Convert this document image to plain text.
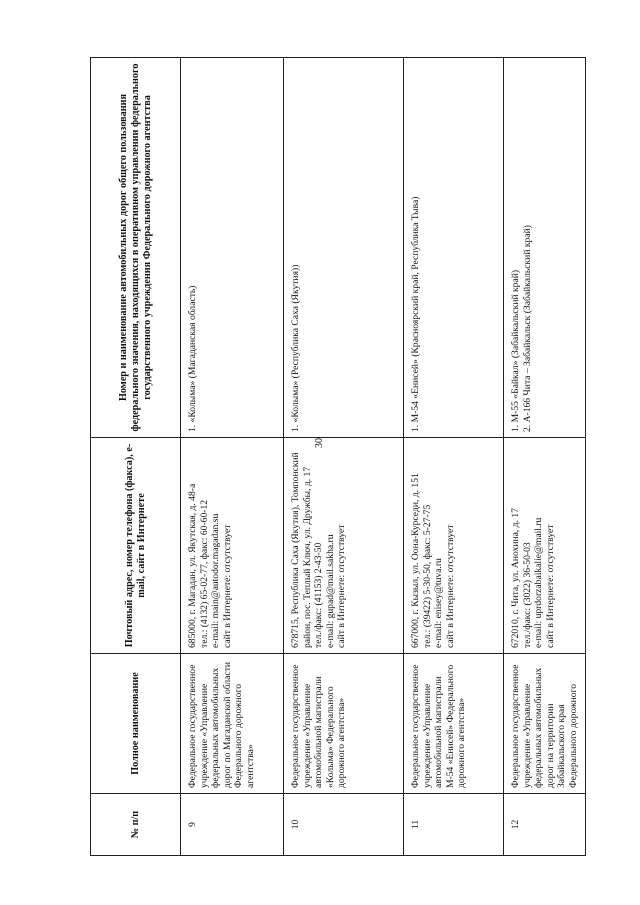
30
№ п/п	Полное наименование	Почтовый адрес, номер телефона (факса), e-mail, сайт в Интернете	Номер и наименование автомобильных дорог общего пользования федерального значения, находящихся в оперативном управлении федерального государственного учреждения Федерального дорожного агентства
9	Федеральное государственное учреждение «Управление федеральных автомобильных дорог по Магаданской области Федерального дорожного агентства»	685000, г. Магадан, ул. Якутская, д. 48-а тел.: (4132) 65-02-77, факс: 60-60-12 e-mail: main@autodor.magadan.su сайт в Интернете: отсутствует	1. «Колыма» (Магаданская область)

10	Федеральное государственное учреждение «Управление автомобильной магистрали «Колыма» Федерального дорожного агентства»	678715, Республика Саха (Якутия), Томпонский район, пос. Теплый Ключ, ул. Дружбы, д. 17 тел./факс: (41153) 2-43-50 e-mail: gupad@mail.sakha.ru сайт в Интернете: отсутствует	1. «Колыма» (Республика Саха (Якутия))

11	Федеральное государственное учреждение «Управление автомобильной магистрали М-54 «Енисей» Федерального дорожного агентства»	667000, г. Кызыл, ул. Оона-Курседи, д. 151 тел.: (39422) 5-30-50, факс: 5-27-75 e-mail: enisey@tuva.ru сайт в Интернете: отсутствует	1. М-54 «Енисей» (Красноярский край, Республика Тыва)

12	Федеральное государственное учреждение «Управление федеральных автомобильных дорог на территории Забайкальского края Федерального дорожного	672010, г. Чита, ул. Анохина, д. 17 тел./факс: (3022) 36-50-03 e-mail: uprdorzabaikalie@mail.ru сайт в Интернете: отсутствует	1. М-55 «Байкал» (Забайкальский край) 2. А-166 Чита – Забайкальск (Забайкальский край)
